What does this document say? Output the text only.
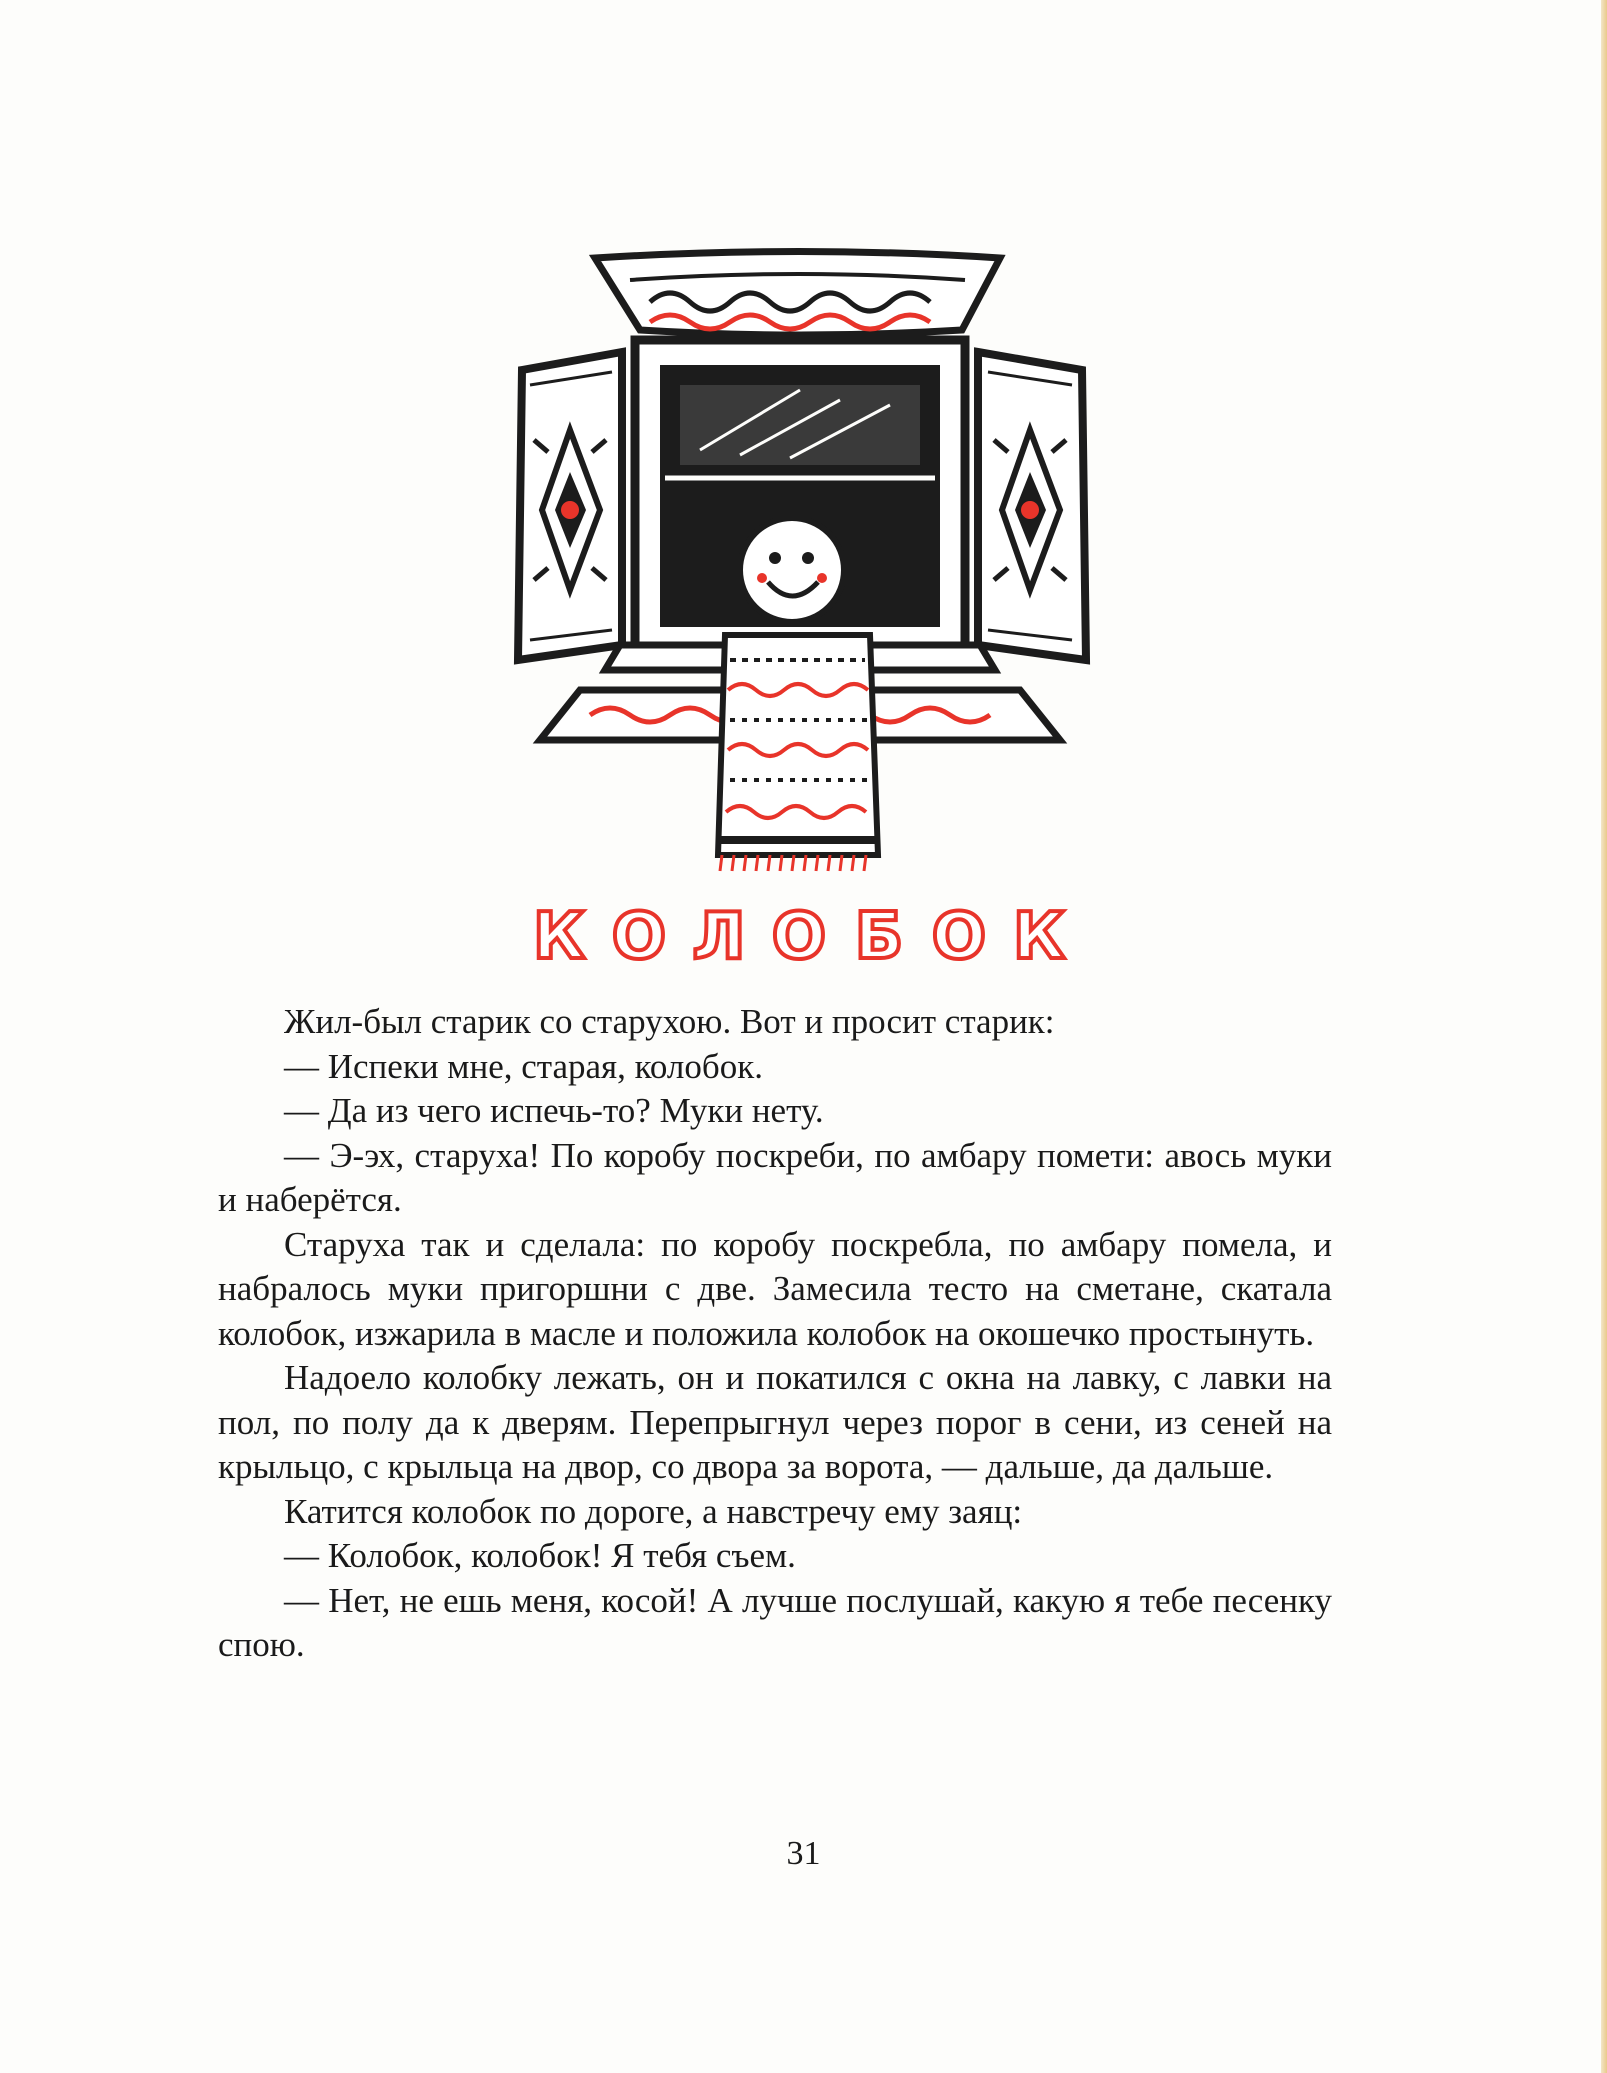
К О Л О Б О К

Жил-был старик со старухою. Вот и просит старик:

— Испеки мне, старая, колобок.

— Да из чего испечь-то? Муки нету.

— Э-эх, старуха! По коробу поскреби, по амбару помети: авось муки и наберётся.

Старуха так и сделала: по коробу поскребла, по амбару помела, и набралось муки пригоршни с две. Замесила тесто на сметане, скатала колобок, изжарила в масле и положила колобок на окошечко простынуть.

Надоело колобку лежать, он и покатился с окна на лавку, с лавки на пол, по полу да к дверям. Перепрыгнул через порог в сени, из сеней на крыльцо, с крыльца на двор, со двора за ворота, — дальше, да дальше.

Катится колобок по дороге, а навстречу ему заяц:

— Колобок, колобок! Я тебя съем.

— Нет, не ешь меня, косой! А лучше послушай, какую я тебе песенку спою.

31
